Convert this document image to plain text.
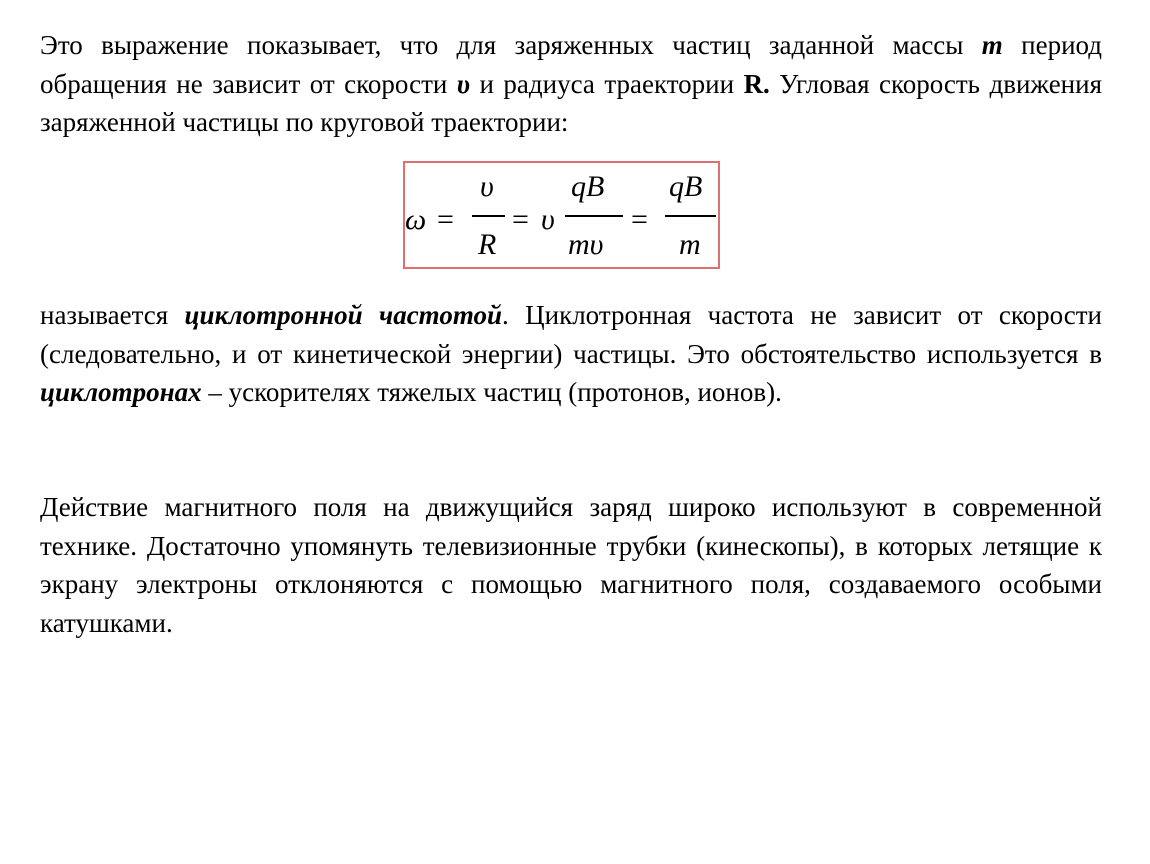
Это выражение показывает, что для заряженных частиц заданной массы m период обращения не зависит от скорости υ и радиуса траектории R. Угловая скорость движения заряженной частицы по круговой траектории:

ω =
υ
R
= υ
qB
mυ
=
qB
m

называется циклотронной частотой. Циклотронная частота не зависит от скорости (следовательно, и от кинетической энергии) частицы. Это обстоятельство используется в циклотронах – ускорителях тяжелых частиц (протонов, ионов).

Действие магнитного поля на движущийся заряд широко используют в современной технике. Достаточно упомянуть телевизионные трубки (кинескопы), в которых летящие к экрану электроны отклоняются с помощью магнитного поля, создаваемого особыми катушками.
